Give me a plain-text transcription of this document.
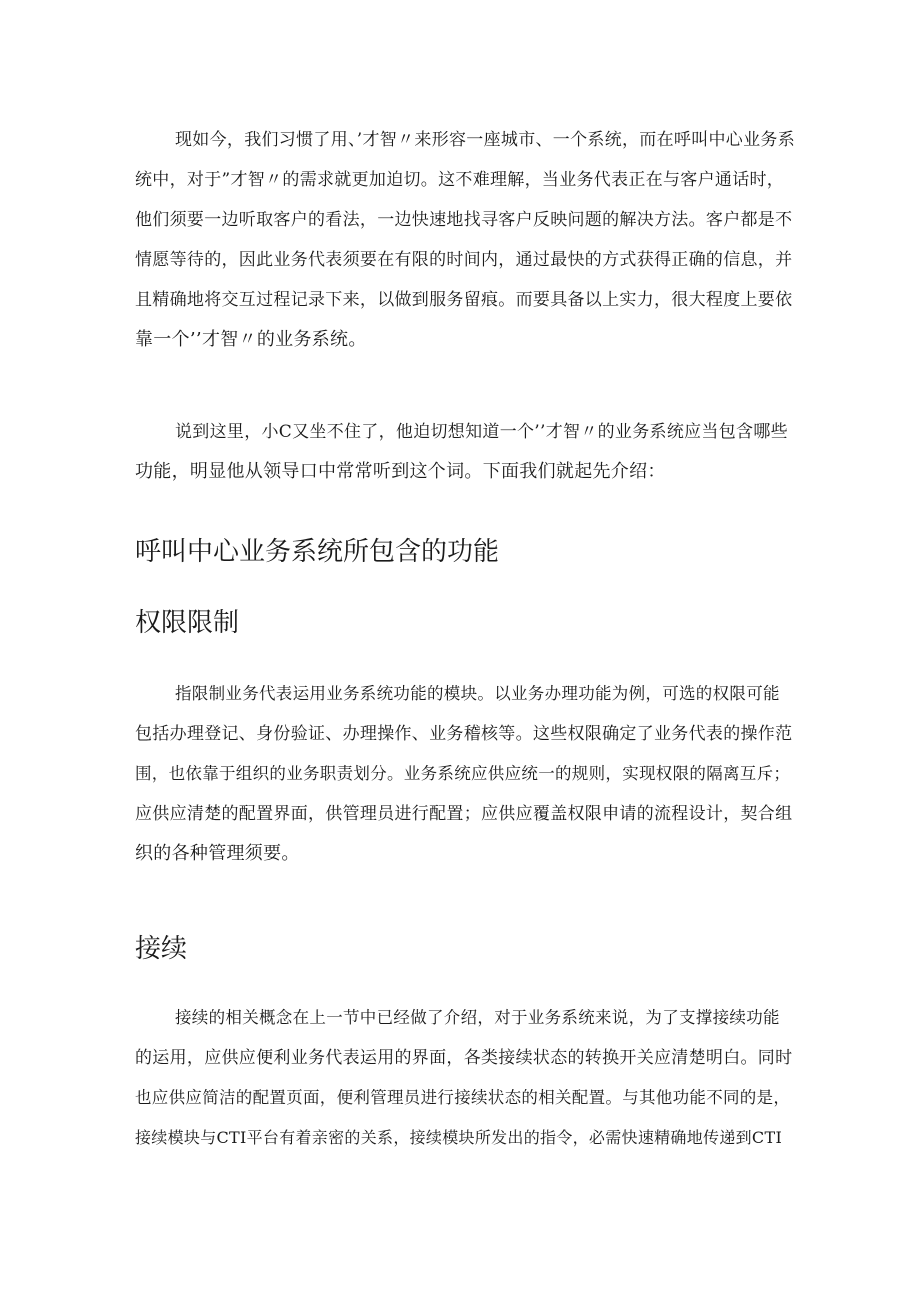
现如今，我们习惯了用、’才智〃来形容一座城市、一个系统，而在呼叫中心业务系
统中，对于”才智〃的需求就更加迫切。这不难理解，当业务代表正在与客户通话时，
他们须要一边听取客户的看法，一边快速地找寻客户反映问题的解决方法。客户都是不
情愿等待的，因此业务代表须要在有限的时间内，通过最快的方式获得正确的信息，并
且精确地将交互过程记录下来，以做到服务留痕。而要具备以上实力，很大程度上要依
靠一个’’才智〃的业务系统。
说到这里，小C又坐不住了，他迫切想知道一个’’才智〃的业务系统应当包含哪些
功能，明显他从领导口中常常听到这个词。下面我们就起先介绍：
呼叫中心业务系统所包含的功能
权限限制
指限制业务代表运用业务系统功能的模块。以业务办理功能为例，可选的权限可能
包括办理登记、身份验证、办理操作、业务稽核等。这些权限确定了业务代表的操作范
围，也依靠于组织的业务职责划分。业务系统应供应统一的规则，实现权限的隔离互斥；
应供应清楚的配置界面，供管理员进行配置；应供应覆盖权限申请的流程设计，契合组
织的各种管理须要。
接续
接续的相关概念在上一节中已经做了介绍，对于业务系统来说，为了支撑接续功能
的运用，应供应便利业务代表运用的界面，各类接续状态的转换开关应清楚明白。同时
也应供应简洁的配置页面，便利管理员进行接续状态的相关配置。与其他功能不同的是，
接续模块与CTI平台有着亲密的关系，接续模块所发出的指令，必需快速精确地传递到CTI
